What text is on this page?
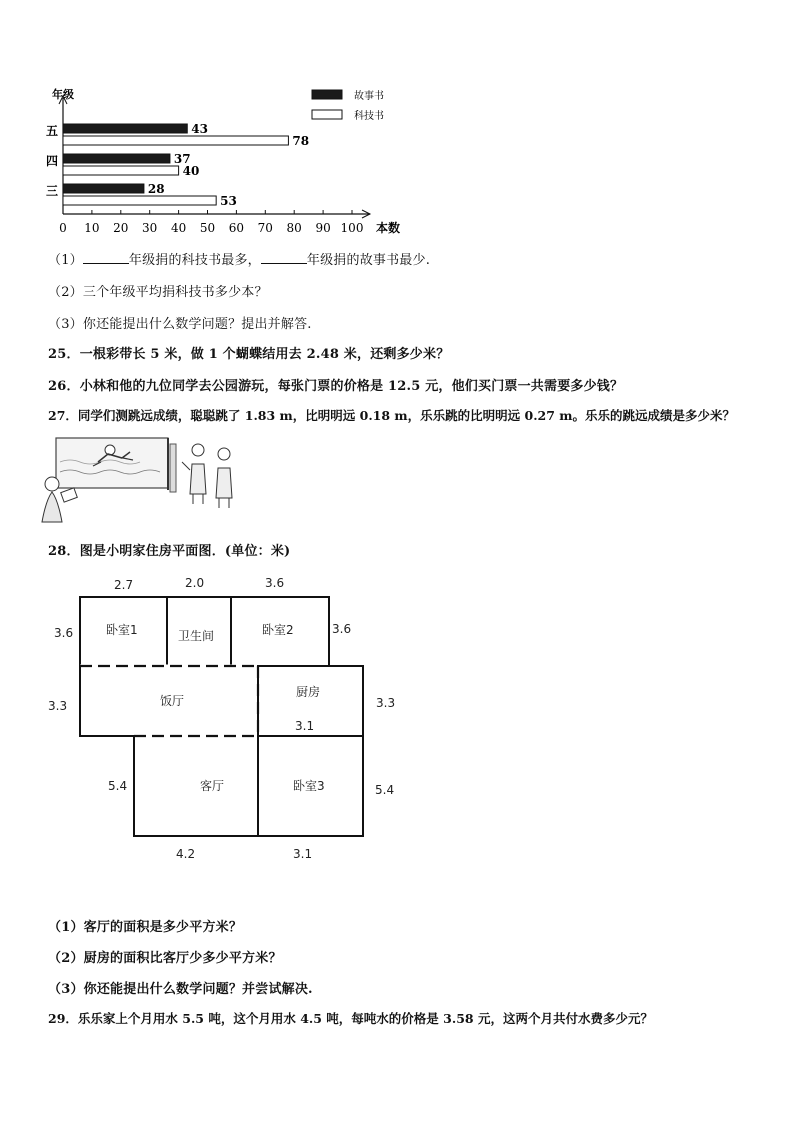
年级
本数
五
四
三
43
78
37
40
28
53
0 10 20 30 40 50 60 70 80 90 100
故事书
科技书
（1）	年级捐的科技书最多，	年级捐的故事书最少.
（2）三个年级平均捐科技书多少本？
（3）你还能提出什么数学问题？提出并解答.
25．一根彩带长 5 米，做 1 个蝴蝶结用去 2.48 米，还剩多少米？
26．小林和他的九位同学去公园游玩，每张门票的价格是 12.5 元，他们买门票一共需要多少钱？
27．同学们测跳远成绩，聪聪跳了 1.83 m，比明明远 0.18 m，乐乐跳的比明明远 0.27 m。乐乐的跳远成绩是多少米？
28．图是小明家住房平面图．(单位：米)
卧室1	卫生间	卧室2
饭厅
厨房
客厅	卧室3
2.7	2.0	3.6
3.6	3.6
3.3	3.3
3.1
5.4	5.4
4.2	3.1
（1）客厅的面积是多少平方米？
（2）厨房的面积比客厅少多少平方米？
（3）你还能提出什么数学问题？并尝试解决.
29．乐乐家上个月用水 5.5 吨，这个月用水 4.5 吨，每吨水的价格是 3.58 元，这两个月共付水费多少元？
